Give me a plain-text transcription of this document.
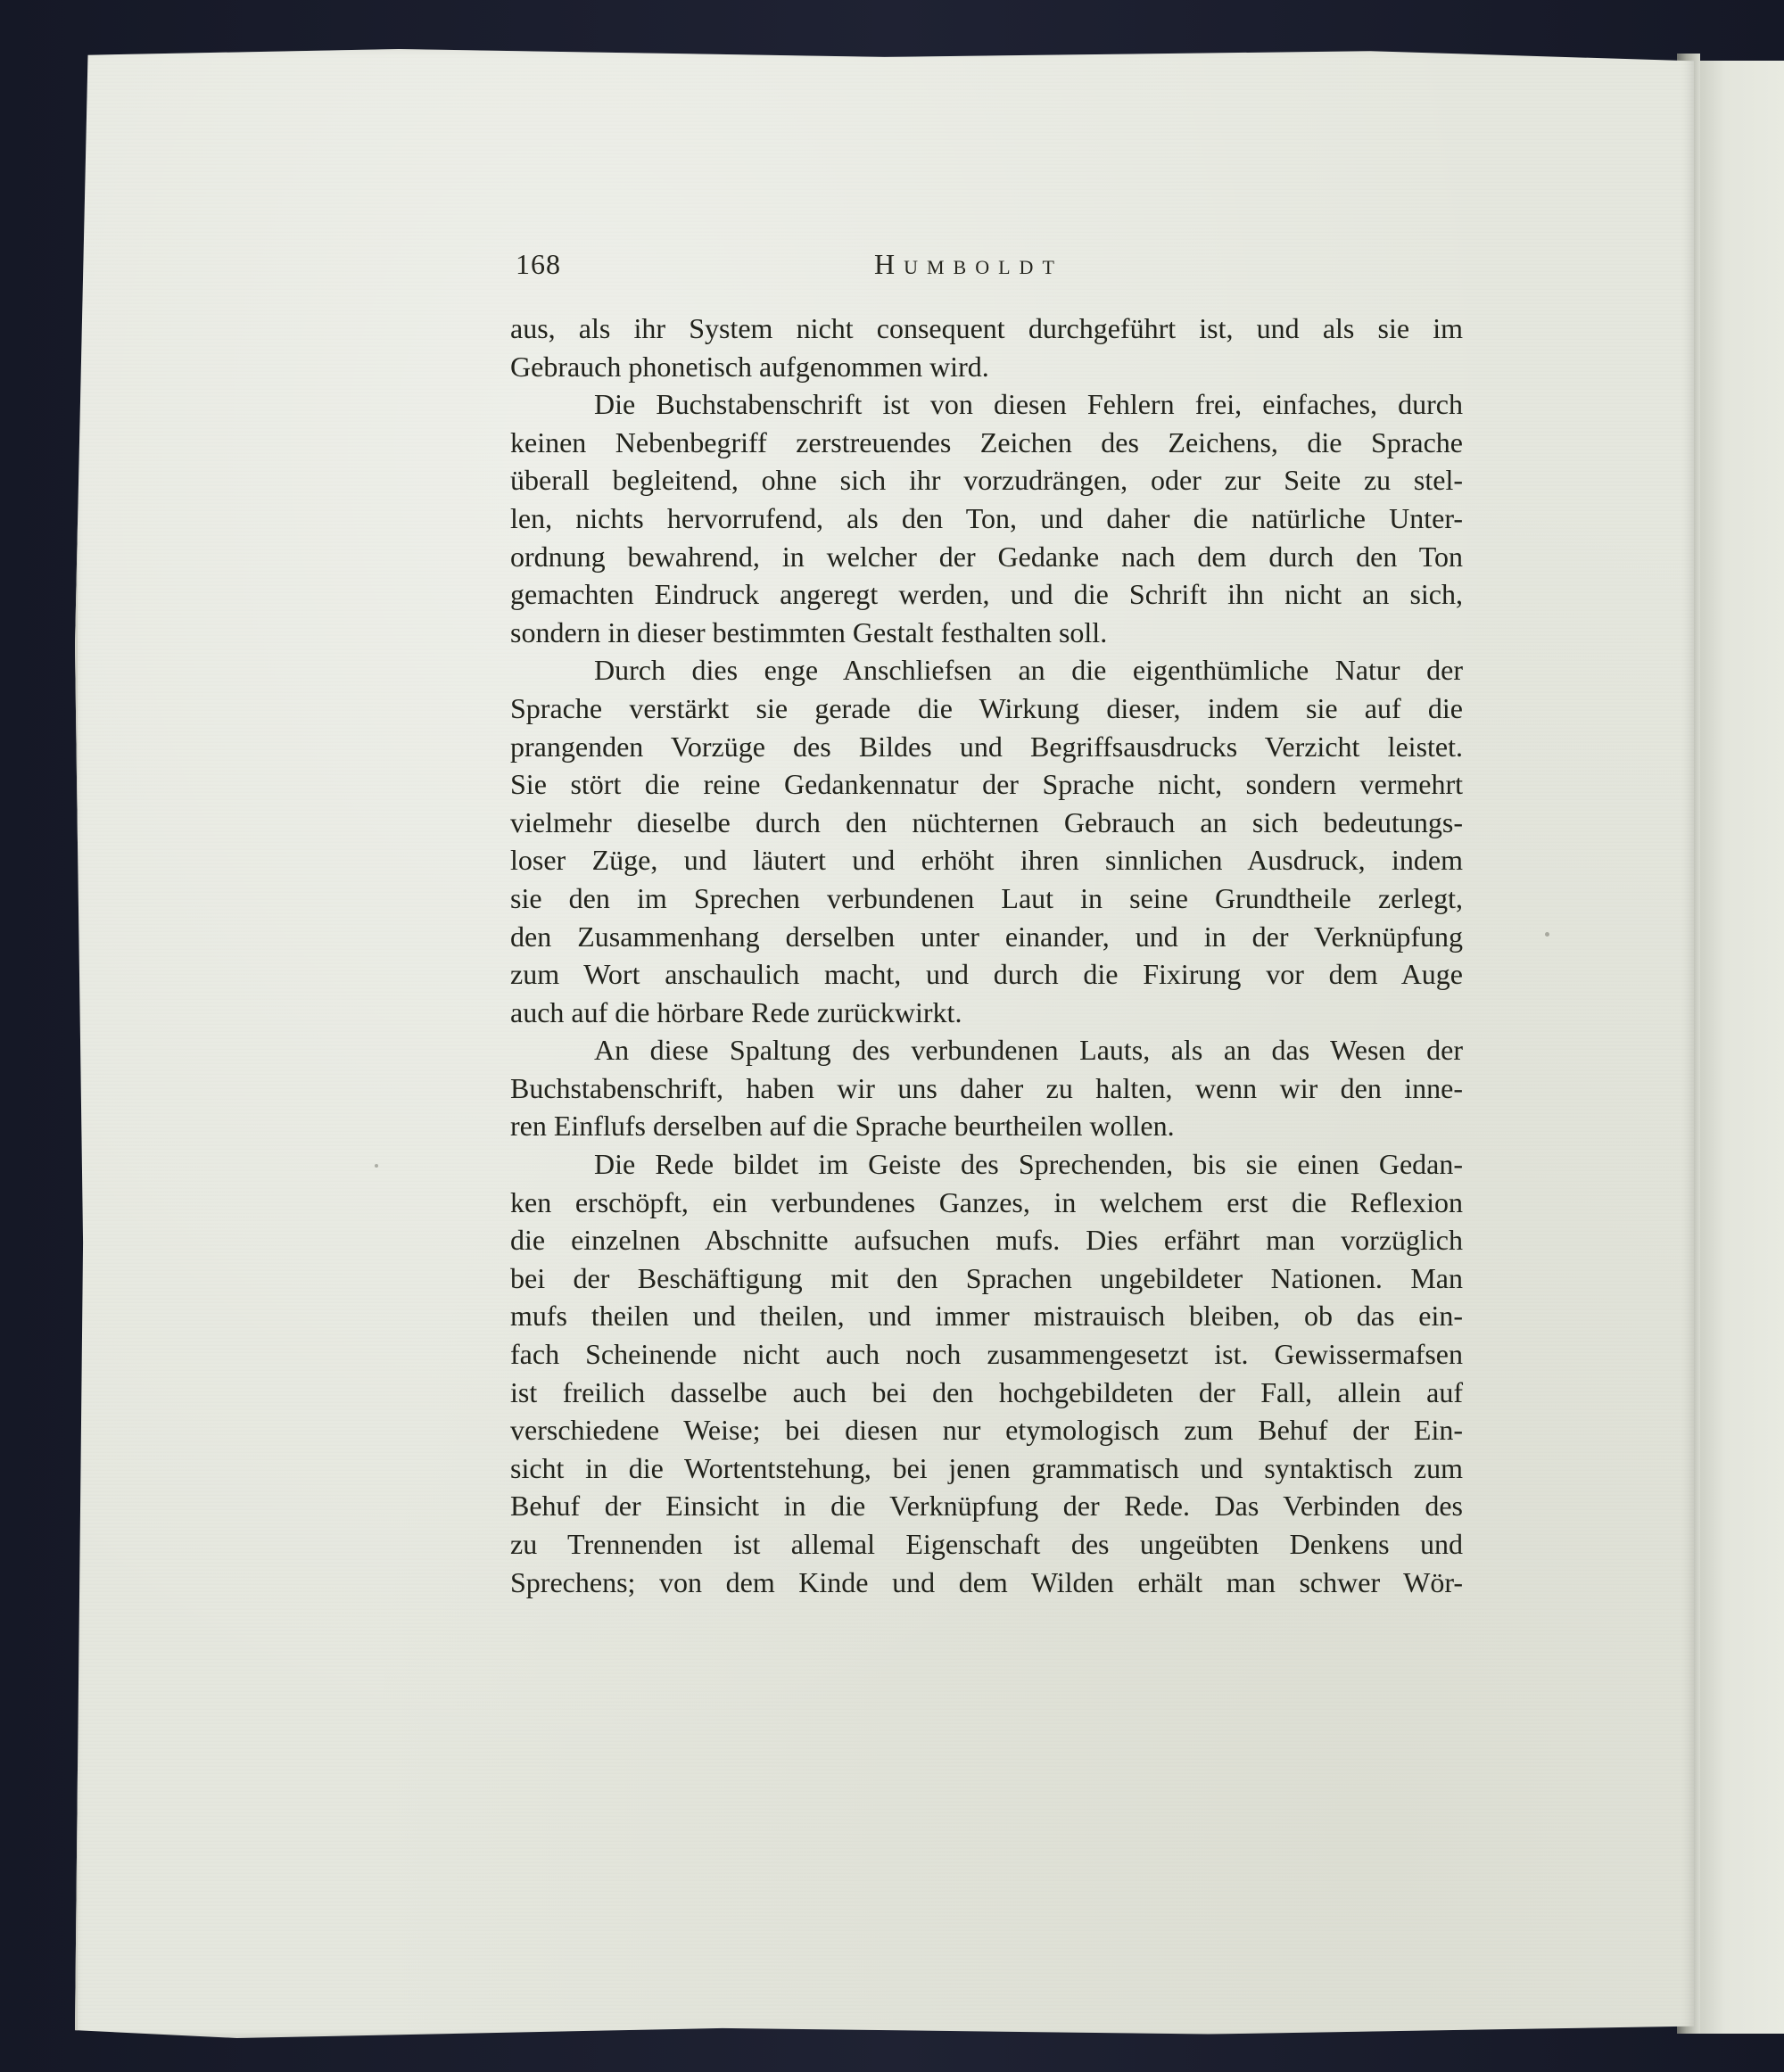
168	Humboldt
aus, als ihr System nicht consequent durchgeführt ist, und als sie im
Gebrauch phonetisch aufgenommen wird.
Die Buchstabenschrift ist von diesen Fehlern frei, einfaches, durch
keinen Nebenbegriff zerstreuendes Zeichen des Zeichens, die Sprache
überall begleitend, ohne sich ihr vorzudrängen, oder zur Seite zu stel-
len, nichts hervorrufend, als den Ton, und daher die natürliche Unter-
ordnung bewahrend, in welcher der Gedanke nach dem durch den Ton
gemachten Eindruck angeregt werden, und die Schrift ihn nicht an sich,
sondern in dieser bestimmten Gestalt festhalten soll.
Durch dies enge Anschliefsen an die eigenthümliche Natur der
Sprache verstärkt sie gerade die Wirkung dieser, indem sie auf die
prangenden Vorzüge des Bildes und Begriffsausdrucks Verzicht leistet.
Sie stört die reine Gedankennatur der Sprache nicht, sondern vermehrt
vielmehr dieselbe durch den nüchternen Gebrauch an sich bedeutungs-
loser Züge, und läutert und erhöht ihren sinnlichen Ausdruck, indem
sie den im Sprechen verbundenen Laut in seine Grundtheile zerlegt,
den Zusammenhang derselben unter einander, und in der Verknüpfung
zum Wort anschaulich macht, und durch die Fixirung vor dem Auge
auch auf die hörbare Rede zurückwirkt.
An diese Spaltung des verbundenen Lauts, als an das Wesen der
Buchstabenschrift, haben wir uns daher zu halten, wenn wir den inne-
ren Einflufs derselben auf die Sprache beurtheilen wollen.
Die Rede bildet im Geiste des Sprechenden, bis sie einen Gedan-
ken erschöpft, ein verbundenes Ganzes, in welchem erst die Reflexion
die einzelnen Abschnitte aufsuchen mufs. Dies erfährt man vorzüglich
bei der Beschäftigung mit den Sprachen ungebildeter Nationen. Man
mufs theilen und theilen, und immer mistrauisch bleiben, ob das ein-
fach Scheinende nicht auch noch zusammengesetzt ist. Gewissermafsen
ist freilich dasselbe auch bei den hochgebildeten der Fall, allein auf
verschiedene Weise; bei diesen nur etymologisch zum Behuf der Ein-
sicht in die Wortentstehung, bei jenen grammatisch und syntaktisch zum
Behuf der Einsicht in die Verknüpfung der Rede. Das Verbinden des
zu Trennenden ist allemal Eigenschaft des ungeübten Denkens und
Sprechens; von dem Kinde und dem Wilden erhält man schwer Wör-
